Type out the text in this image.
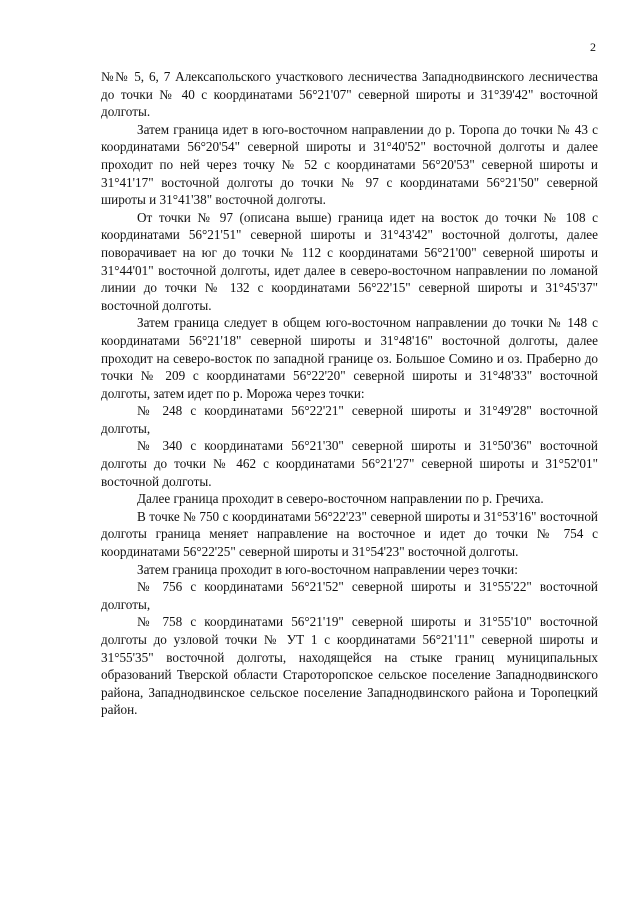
2

№№ 5, 6, 7 Алексапольского участкового лесничества Западнодвинского лесничества до точки № 40 с координатами 56°21'07" северной широты и 31°39'42" восточной долготы.

Затем граница идет в юго-восточном направлении до р. Торопа до точки № 43 с координатами 56°20'54" северной широты и 31°40'52" восточной долготы и далее проходит по ней через точку № 52 с координатами 56°20'53" северной широты и 31°41'17" восточной долготы до точки № 97 с координатами 56°21'50" северной широты и 31°41'38" восточной долготы.

От точки № 97 (описана выше) граница идет на восток до точки № 108 с координатами 56°21'51" северной широты и 31°43'42" восточной долготы, далее поворачивает на юг до точки № 112 с координатами 56°21'00" северной широты и 31°44'01" восточной долготы, идет далее в северо-восточном направлении по ломаной линии до точки № 132 с координатами 56°22'15" северной широты и 31°45'37" восточной долготы.

Затем граница следует в общем юго-восточном направлении до точки № 148 с координатами 56°21'18" северной широты и 31°48'16" восточной долготы, далее проходит на северо-восток по западной границе оз. Большое Сомино и оз. Праберно до точки № 209 с координатами 56°22'20" северной широты и 31°48'33" восточной долготы, затем идет по р. Морожа через точки:

№ 248 с координатами 56°22'21" северной широты и 31°49'28" восточной долготы,

№ 340 с координатами 56°21'30" северной широты и 31°50'36" восточной долготы до точки № 462 с координатами 56°21'27" северной широты и 31°52'01" восточной долготы.

Далее граница проходит в северо-восточном направлении по р. Гречиха.

В точке № 750 с координатами 56°22'23" северной широты и 31°53'16" восточной долготы граница меняет направление на восточное и идет до точки № 754 с координатами 56°22'25" северной широты и 31°54'23" восточной долготы.

Затем граница проходит в юго-восточном направлении через точки:

№ 756 с координатами 56°21'52" северной широты и 31°55'22" восточной долготы,

№ 758 с координатами 56°21'19" северной широты и 31°55'10" восточной долготы до узловой точки № УТ 1 с координатами 56°21'11" северной широты и 31°55'35" восточной долготы, находящейся на стыке границ муниципальных образований Тверской области Староторопское сельское поселение Западнодвинского района, Западнодвинское сельское поселение Западнодвинского района и Торопецкий район.
